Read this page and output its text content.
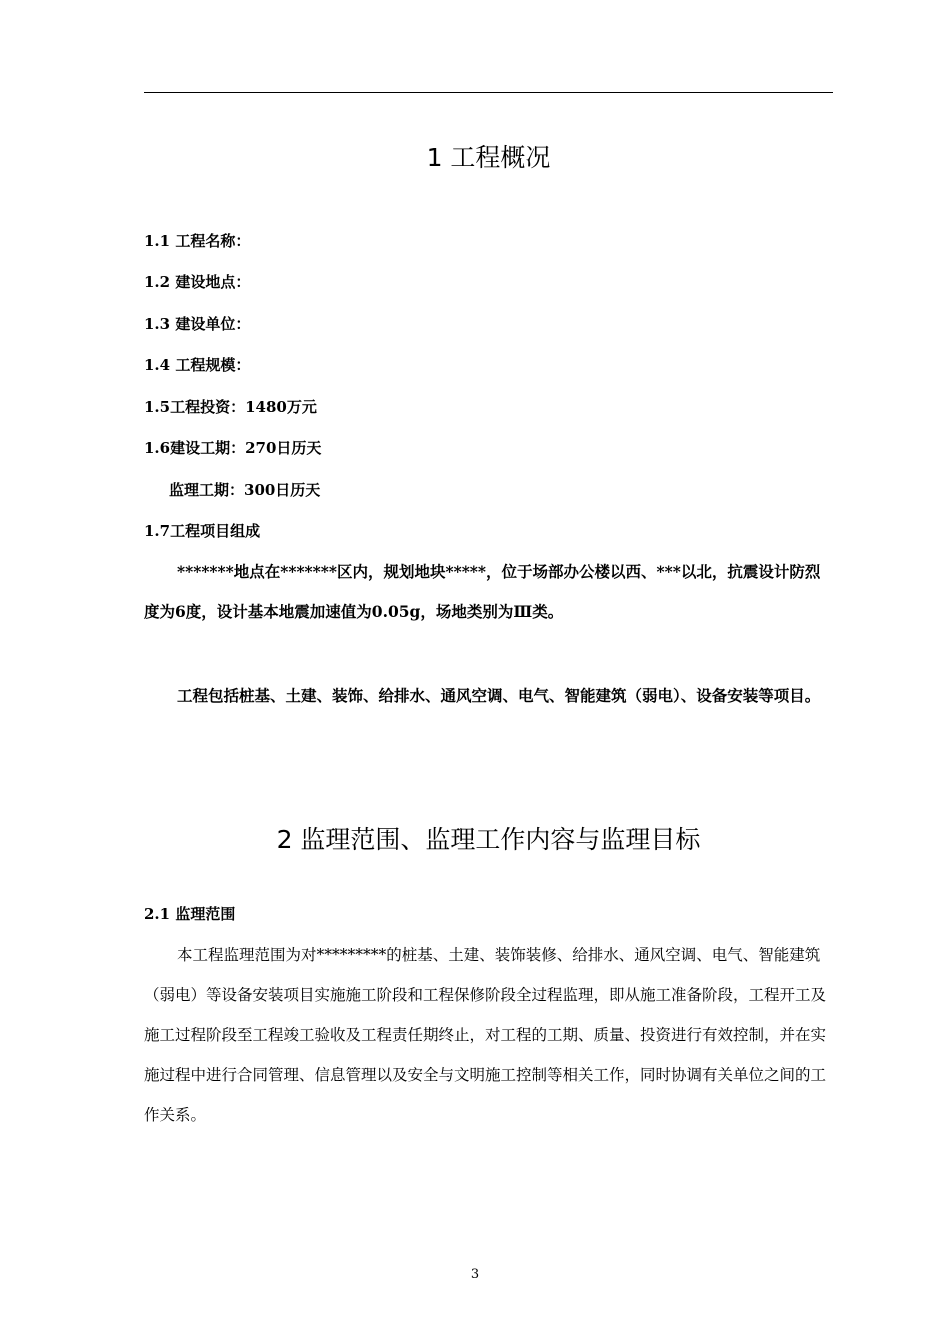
1 工程概况
1.1 工程名称：
1.2 建设地点：
1.3 建设单位：
1.4 工程规模：
1.5工程投资：1480万元
1.6建设工期：270日历天
监理工期：300日历天
1.7工程项目组成
*******地点在*******区内，规划地块*****，位于场部办公楼以西、***以北，抗震设计防烈度为6度，设计基本地震加速值为0.05g，场地类别为Ⅲ类。
工程包括桩基、土建、装饰、给排水、通风空调、电气、智能建筑（弱电）、设备安装等项目。
2 监理范围、监理工作内容与监理目标
2.1 监理范围
本工程监理范围为对*********的桩基、土建、装饰装修、给排水、通风空调、电气、智能建筑（弱电）等设备安装项目实施施工阶段和工程保修阶段全过程监理，即从施工准备阶段，工程开工及施工过程阶段至工程竣工验收及工程责任期终止，对工程的工期、质量、投资进行有效控制，并在实施过程中进行合同管理、信息管理以及安全与文明施工控制等相关工作，同时协调有关单位之间的工作关系。
3
